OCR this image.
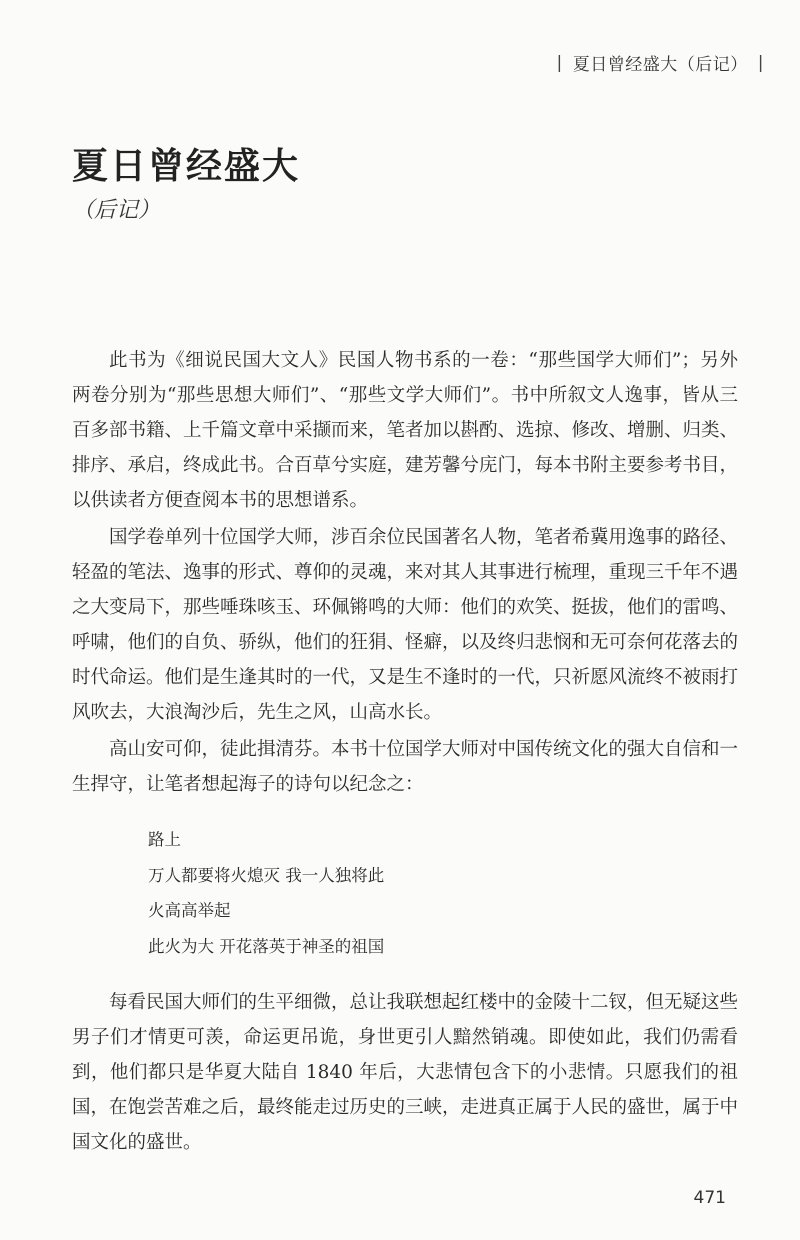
| 夏日曾经盛大（后记） |
夏日曾经盛大
（后记）

此书为《细说民国大文人》民国人物书系的一卷：“那些国学大师们”；另外两卷分别为“那些思想大师们”、“那些文学大师们”。书中所叙文人逸事，皆从三百多部书籍、上千篇文章中采撷而来，笔者加以斟酌、选掠、修改、增删、归类、排序、承启，终成此书。合百草兮实庭，建芳馨兮庑门，每本书附主要参考书目，以供读者方便查阅本书的思想谱系。

国学卷单列十位国学大师，涉百余位民国著名人物，笔者希冀用逸事的路径、轻盈的笔法、逸事的形式、尊仰的灵魂，来对其人其事进行梳理，重现三千年不遇之大变局下，那些唾珠咳玉、环佩锵鸣的大师：他们的欢笑、挺拔，他们的雷鸣、呼啸，他们的自负、骄纵，他们的狂狷、怪癖，以及终归悲悯和无可奈何花落去的时代命运。他们是生逢其时的一代，又是生不逢时的一代，只祈愿风流终不被雨打风吹去，大浪淘沙后，先生之风，山高水长。

高山安可仰，徒此揖清芬。本书十位国学大师对中国传统文化的强大自信和一生捍守，让笔者想起海子的诗句以纪念之：

路上
万人都要将火熄灭 我一人独将此
火高高举起
此火为大 开花落英于神圣的祖国

每看民国大师们的生平细微，总让我联想起红楼中的金陵十二钗，但无疑这些男子们才情更可羡，命运更吊诡，身世更引人黯然销魂。即使如此，我们仍需看到，他们都只是华夏大陆自 1840 年后，大悲情包含下的小悲情。只愿我们的祖国，在饱尝苦难之后，最终能走过历史的三峡，走进真正属于人民的盛世，属于中国文化的盛世。

471
